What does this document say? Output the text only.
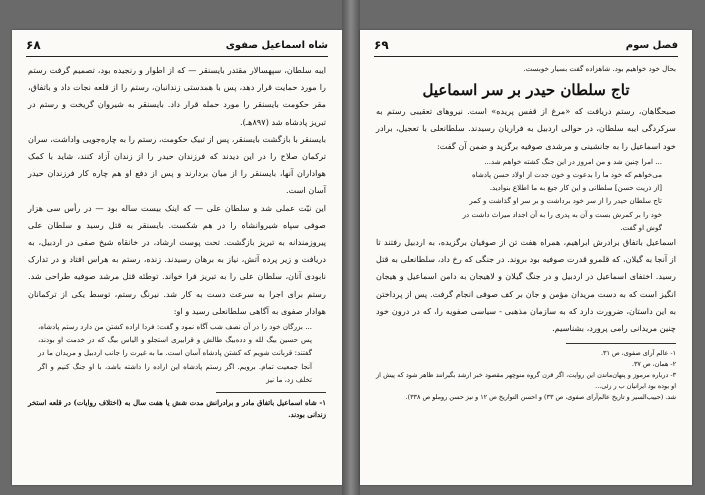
شاه اسماعیل صفوی
۶۸

ایبه سلطان، سپهسالار مقتدر بایسنقر — که از اطوار و رنجیده بود، تصمیم گرفت رستم را مورد حمایت قرار دهد، پس با همدستی زندانبان، رستم را از قلعه نجات داد و باتفاق، مقر حکومت بایسنقر را مورد حمله قرار داد. بایسنقر به شیروان گریخت و رستم در تبریز پادشاه شد (۸۹۷هـ).

بایسنقر با بازگشت بایسنقر، پس از تبیک حکومت، رستم را به چاره‌جویی واداشت، سران ترکمان صلاح را در این دیدند که فرزندان حیدر را از زندان آزاد کنند، شاید با کمک هواداران آنها، بایسنقر را از میان بردارند و پس از دفع او هم چاره کار فرزندان حیدر آسان است.

این نیّت عملی شد و سلطان علی — که اینک بیست ساله بود — در رأس سی هزار صوفی سپاه شیروانشاه را در هم شکست. بایسنقر به قتل رسید و سلطان علی پیروزمندانه به تبریز بازگشت. تحت پوست ارشاد، در خانقاه شیخ صفی در اردبیل، به دریافت و زیر پرده آتش، نیاز به برهان رسیدند. زنده، رستم به هراس افتاد و در تدارک نابودی آنان، سلطان علی را به تبریز فرا خواند. توطئه قتل مرشد صوفیه طراحی شد. رستم برای اجرا به سرعت دست به کار شد. نیرنگ رستم، توسط یکی از ترکمانان هوادار صفوی به آگاهی سلطانعلی رسید و او:

... بزرگان خود را در آن نصف شب آگاه نمود و گفت: فردا اراده کشتن من دارد رستم پادشاه، پس حسین بیگ لله و دده‌بیگ طالش و قرابیری استجلو و الیاس بیگ که در خدمت او بودند، گفتند: قربانت شویم که کشتن پادشاه آسان است. ما به غیرت را جانب اردبیل و مریدان ما در آنجا جمعیت تمام. برویم. اگر رستم پادشاه این اراده را داشته باشد، با او جنگ کنیم و اگر تخلف زد، ما نیز

۱- شاه اسماعیل باتفاق مادر و برادرانش مدت شش یا هفت سال به (اختلاف روایات) در قلعه استخر زندانی بودند.

فصل سوم
۶۹

بحال خود خواهیم بود. شاهزاده گفت بسیار خوبست.

تاج سلطان حیدر بر سر اسماعیل

صبحگاهان، رستم دریافت که «مرغ از قفس پریده» است. نیروهای تعقیبی رستم به سرکردگی ایبه سلطان، در حوالی اردبیل به فراریان رسیدند. سلطانعلی با تعجیل، برادر خود اسماعیل را به جانشینی و مرشدی صوفیه برگزید و ضمن آن گفت:

... امرا چنین شد و من امروز در این جنگ کشته خواهم شد...

می‌خواهم که خود ما را بدعوت و خون جدت از اولاد حسن پادشاه

[از ذریت حسن] سلطانی و این کار جیغ به ما اطلاع بنوادید.

تاج سلطان حیدر را از سر خود برداشت و بر سر او گذاشت و کمر

خود را بر کمرش بست و آن به پدری را به آن اجداد میراث داشت در

گوش او گفت.

اسماعیل باتفاق برادرش ابراهیم، همراه هفت تن از صوفیان برگزیده، به اردبیل رفتند تا از آنجا به گیلان، که قلمرو قدرت صوفیه بود بروند. در جنگی که رخ داد، سلطانعلی به قتل رسید. اختفای اسماعیل در اردبیل و در جنگ گیلان و لاهیجان به دامن اسماعیل و هیجان انگیز است که به دست مریدان مؤمن و جان بر کف صوفی انجام گرفت. پس از پرداختن به این داستان، ضرورت دارد که به سازمان مذهبی - سیاسی صفویه را، که در درون خود چنین مریدانی رامی پرورد، بشناسیم.

۱- عالم آرای صفوی، ص ۳۱.

۲- همان، ص ۳۷.

۳- درباره مرموز و پنهان‌ماندن این روایت، اگر قرن گروه منوچهر مقصود خبر ارشد بگیرانند ظاهر شود که پیش از او بوده بود ایرانیان ب ر رئی...

شد. (حبیب‌السیر و تاریخ عالم‌آرای صفوی، ص ۳۳) و احسن التواریخ ص ۱۲ و نیز حسن روملو ص ۳۳۸).
